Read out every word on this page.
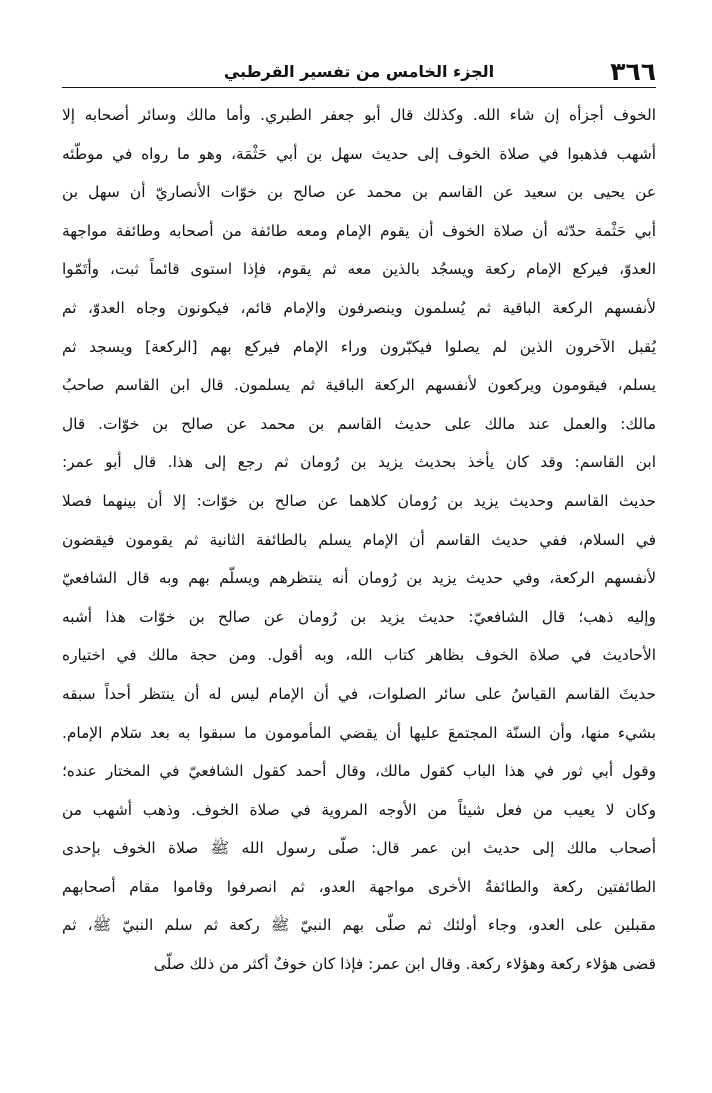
٣٦٦
الجزء الخامس من تفسير القرطبي
الخوف أجزأه إن شاء الله. وكذلك قال أبو جعفر الطبري. وأما مالك وسائر أصحابه إلا
أشهب فذهبوا في صلاة الخوف إلى حديث سهل بن أبي حَثْمَة، وهو ما رواه في موطّئه
عن يحيى بن سعيد عن القاسم بن محمد عن صالح بن خوّات الأنصاريّ أن سهل بن
أبي حَثْمة حدّثه أن صلاة الخوف أن يقوم الإمام ومعه طائفة من أصحابه وطائفة مواجهة
العدوّ، فيركع الإمام ركعة ويسجُد بالذين معه ثم يقوم، فإذا استوى قائماً ثبت، وأتَمّوا
لأنفسهم الركعة الباقية ثم يُسلمون وينصرفون والإمام قائم، فيكونون وجاه العدوّ، ثم
يُقبل الآخرون الذين لم يصلوا فيكبّرون وراء الإمام فيركع بهم [الركعة] ويسجد ثم
يسلم، فيقومون ويركعون لأنفسهم الركعة الباقية ثم يسلمون. قال ابن القاسم صاحبُ
مالك: والعمل عند مالك على حديث القاسم بن محمد عن صالح بن خوّات. قال
ابن القاسم: وقد كان يأخذ بحديث يزيد بن رُومان ثم رجع إلى هذا. قال أبو عمر:
حديث القاسم وحديث يزيد بن رُومان كلاهما عن صالح بن خوّات: إلا أن بينهما فصلا
في السلام، ففي حديث القاسم أن الإمام يسلم بالطائفة الثانية ثم يقومون فيقضون
لأنفسهم الركعة، وفي حديث يزيد بن رُومان أنه ينتظرهم ويسلّم بهم وبه قال الشافعيّ
وإليه ذهب؛ قال الشافعيّ: حديث يزيد بن رُومان عن صالح بن خوّات هذا أشبه
الأحاديث في صلاة الخوف بظاهر كتاب الله، وبه أقول. ومن حجة مالك في اختياره
حديثَ القاسم القياسُ على سائر الصلوات، في أن الإمام ليس له أن ينتظر أحداً سبقه
بشيء منها، وأن السنّة المجتمعَ عليها أن يقضي المأمومون ما سبقوا به بعد سَلام الإمام.
وقول أبي ثور في هذا الباب كقول مالك، وقال أحمد كقول الشافعيّ في المختار عنده؛
وكان لا يعيب من فعل شيئاً من الأوجه المروية في صلاة الخوف. وذهب أشهب من
أصحاب مالك إلى حديث ابن عمر قال: صلّى رسول الله ﷺ صلاة الخوف بإحدى
الطائفتين ركعة والطائفةُ الأخرى مواجهة العدو، ثم انصرفوا وقاموا مقام أصحابهم
مقبلين على العدو، وجاء أولئك ثم صلّى بهم النبيّ ﷺ ركعة ثم سلم النبيّ ﷺ، ثم
قضى هؤلاء ركعة وهؤلاء ركعة. وقال ابن عمر: فإذا كان خوفٌ أكثر من ذلك صلّى
